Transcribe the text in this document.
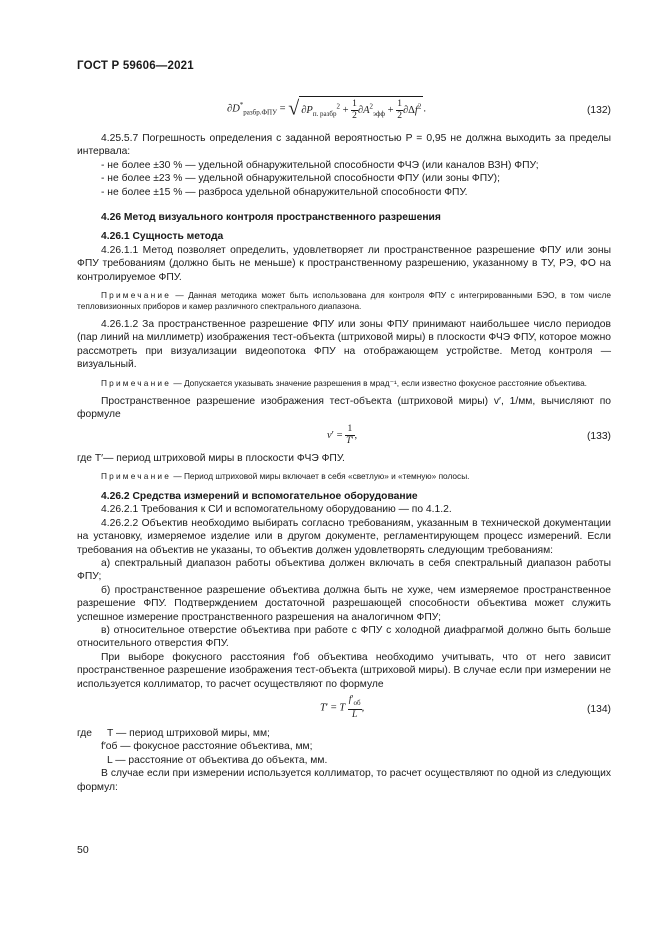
ГОСТ Р 59606—2021
$\partial D^*_{разбр.ФПУ}$ = √ $\partial P_{п. разбр}^2 + \frac{1}{2} \partial A^2_{эфф} + \frac{1}{2} \partial\Delta f^2$ .	(132)

4.25.5.7 Погрешность определения с заданной вероятностью P = 0,95 не должна выходить за пределы интервала:

- не более ±30 % — удельной обнаружительной способности ФЧЭ (или каналов ВЗН) ФПУ;

- не более ±23 % — удельной обнаружительной способности ФПУ (или зоны ФПУ);

- не более ±15 % — разброса удельной обнаружительной способности ФПУ.

4.26 Метод визуального контроля пространственного разрешения

4.26.1 Сущность метода

4.26.1.1 Метод позволяет определить, удовлетворяет ли пространственное разрешение ФПУ или зоны ФПУ требованиям (должно быть не меньше) к пространственному разрешению, указанному в ТУ, РЭ, ФО на контролируемое ФПУ.

Примечание — Данная методика может быть использована для контроля ФПУ с интегрированными БЭО, в том числе тепловизионных приборов и камер различного спектрального диапазона.

4.26.1.2 За пространственное разрешение ФПУ или зоны ФПУ принимают наибольшее число периодов (пар линий на миллиметр) изображения тест-объекта (штриховой миры) в плоскости ФЧЭ ФПУ, которое можно рассмотреть при визуализации видеопотока ФПУ на отображающем устройстве. Метод контроля — визуальный.

Примечание — Допускается указывать значение разрешения в мрад⁻¹, если известно фокусное расстояние объектива.

Пространственное разрешение изображения тест-объекта (штриховой миры) v′, 1/мм, вычисляют по формуле

$v' = \frac{1}{T'}$ ,	(133)

где T′— период штриховой миры в плоскости ФЧЭ ФПУ.

Примечание — Период штриховой миры включает в себя «светлую» и «темную» полосы.

4.26.2 Средства измерений и вспомогательное оборудование

4.26.2.1 Требования к СИ и вспомогательному оборудованию — по 4.1.2.

4.26.2.2 Объектив необходимо выбирать согласно требованиям, указанным в технической документации на установку, измеряемое изделие или в другом документе, регламентирующем процесс измерений. Если требования на объектив не указаны, то объектив должен удовлетворять следующим требованиям:

а) спектральный диапазон работы объектива должен включать в себя спектральный диапазон работы ФПУ;

б) пространственное разрешение объектива должна быть не хуже, чем измеряемое пространственное разрешение ФПУ. Подтверждением достаточной разрешающей способности объектива может служить успешное измерение пространственного разрешения на аналогичном ФПУ;

в) относительное отверстие объектива при работе с ФПУ с холодной диафрагмой должно быть больше относительного отверстия ФПУ.

При выборе фокусного расстояния f′об объектива необходимо учитывать, что от него зависит пространственное разрешение изображения тест-объекта (штриховой миры). В случае если при измерении не используется коллиматор, то расчет осуществляют по формуле

T′ = T $\frac{f'_{об}}{L}$ ,	(134)

где	T — период штриховой миры, мм;

f′об — фокусное расстояние объектива, мм;

L — расстояние от объектива до объекта, мм.

В случае если при измерении используется коллиматор, то расчет осуществляют по одной из следующих формул:

50
